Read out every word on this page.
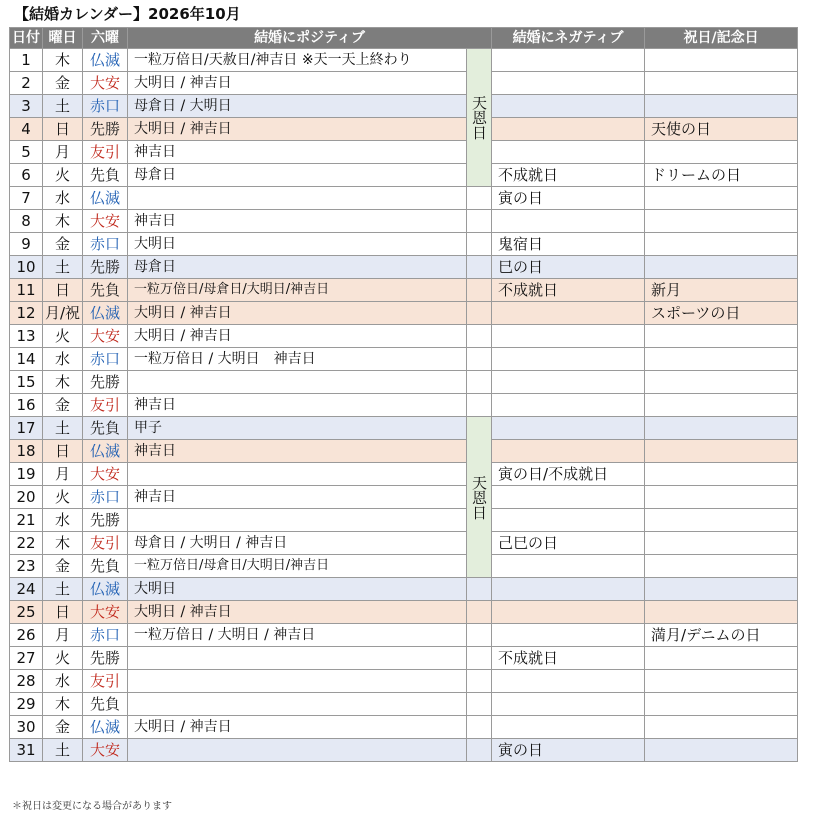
【結婚カレンダー】2026年10月
日付	曜日	六曜	結婚にポジティブ		結婚にネガティブ	祝日/記念日
1	木	仏滅	一粒万倍日/天赦日/神吉日 ※天一天上終わり	天恩日		

2	金	大安	大明日 / 神吉日			
3	土	赤口	母倉日 / 大明日			
4	日	先勝	大明日 / 神吉日			天使の日
5	月	友引	神吉日			
6	火	先負	母倉日		不成就日	ドリームの日
7	水	仏滅			寅の日	
8	木	大安	神吉日			
9	金	赤口	大明日		鬼宿日	
10	土	先勝	母倉日		巳の日	
11	日	先負	一粒万倍日/母倉日/大明日/神吉日		不成就日	新月
12	月/祝	仏滅	大明日 / 神吉日			スポーツの日
13	火	大安	大明日 / 神吉日			
14	水	赤口	一粒万倍日 / 大明日　神吉日			
15	木	先勝				
16	金	友引	神吉日			
17	土	先負	甲子	天恩日		

18	日	仏滅	神吉日			
19	月	大安			寅の日/不成就日	
20	火	赤口	神吉日			
21	水	先勝				
22	木	友引	母倉日 / 大明日 / 神吉日		己巳の日	
23	金	先負	一粒万倍日/母倉日/大明日/神吉日			
24	土	仏滅	大明日			
25	日	大安	大明日 / 神吉日			
26	月	赤口	一粒万倍日 / 大明日 / 神吉日			満月/デニムの日
27	火	先勝			不成就日	
28	水	友引				
29	木	先負				
30	金	仏滅	大明日 / 神吉日			
31	土	大安			寅の日	
＊祝日は変更になる場合があります
